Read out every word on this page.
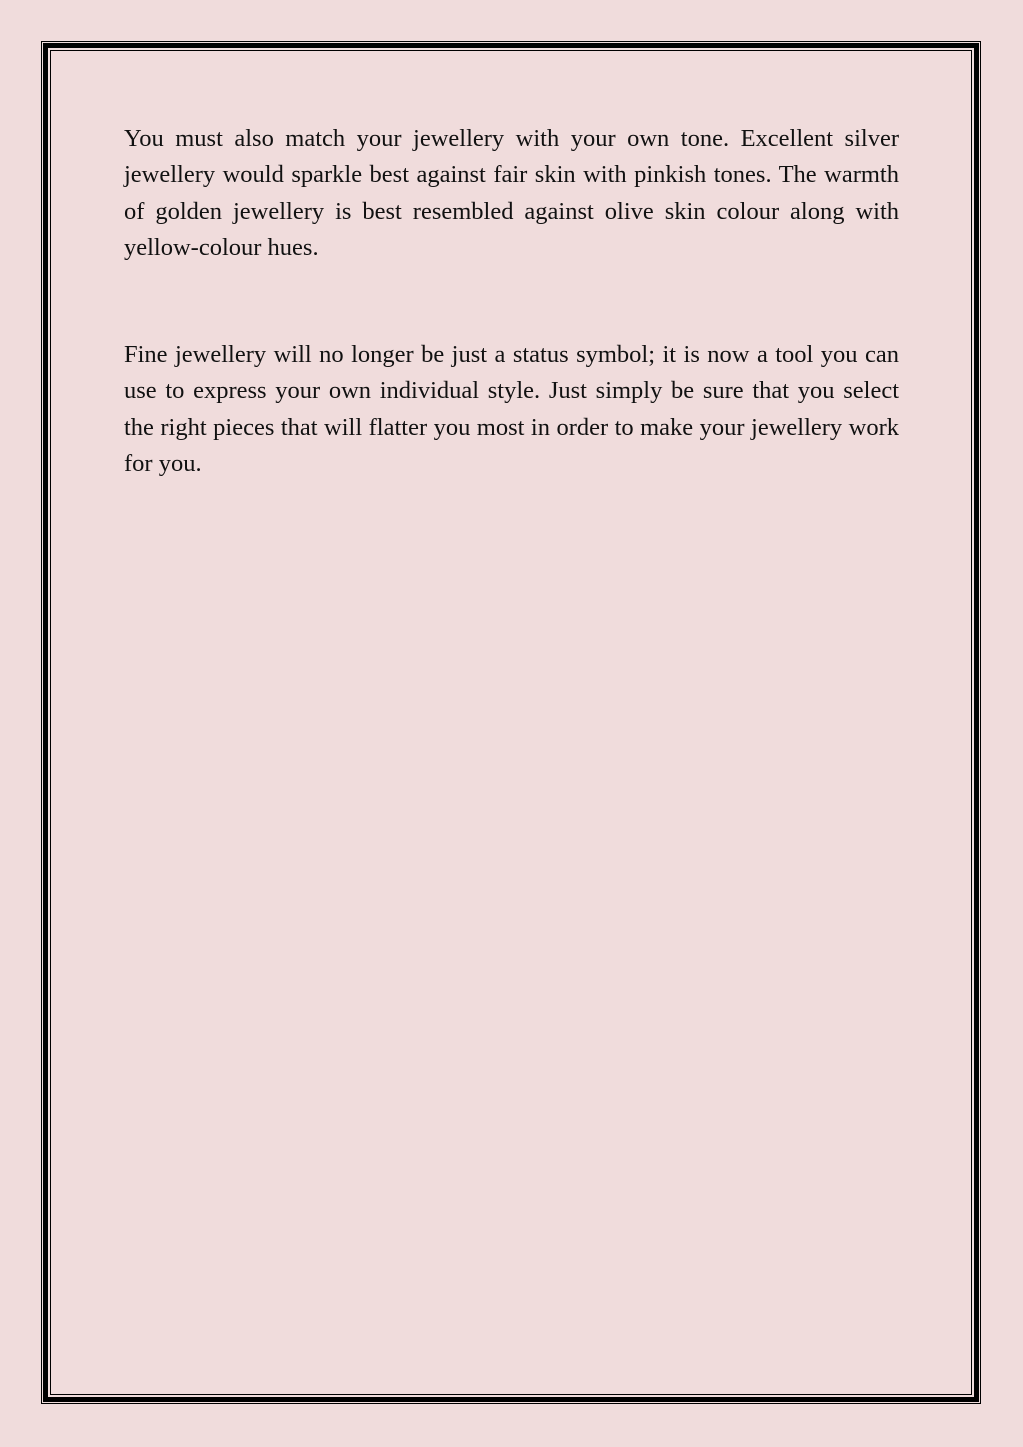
You must also match your jewellery with your own tone. Excellent silver jewellery would sparkle best against fair skin with pinkish tones. The warmth of golden jewellery is best resembled against olive skin colour along with yellow-colour hues.

Fine jewellery will no longer be just a status symbol; it is now a tool you can use to express your own individual style. Just simply be sure that you select the right pieces that will flatter you most in order to make your jewellery work for you.
